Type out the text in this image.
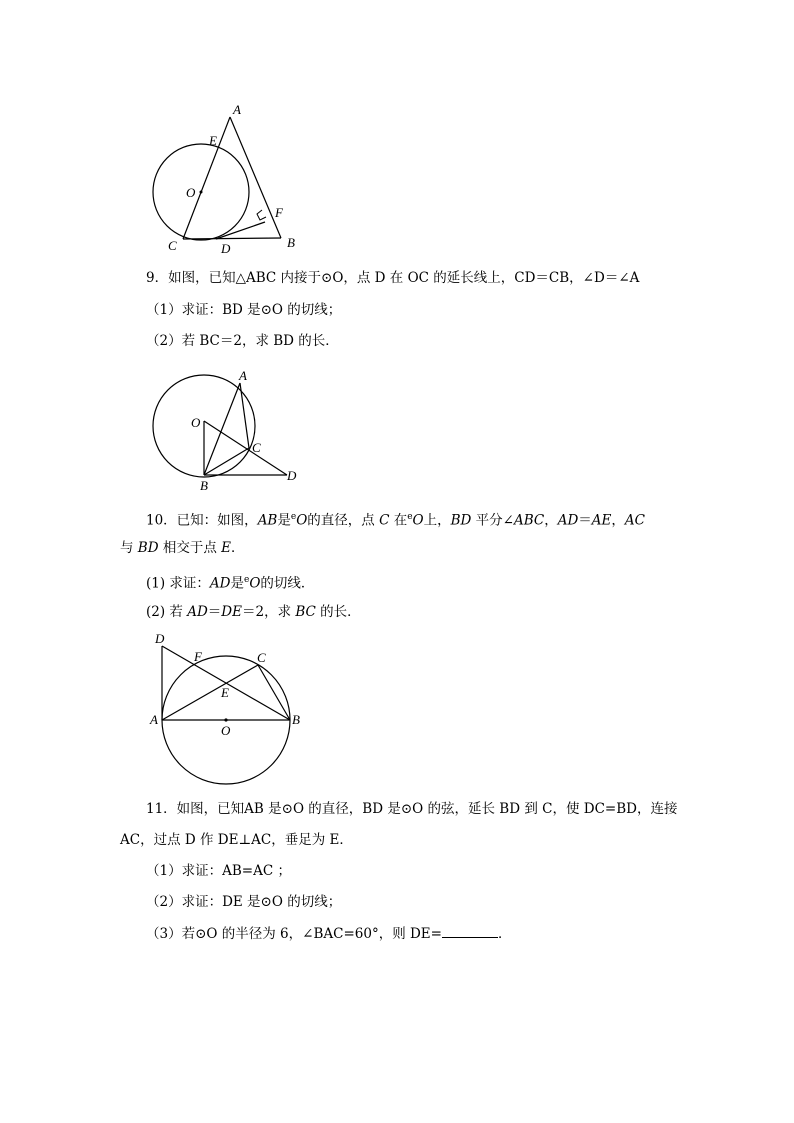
A
E
O
F
C	D	B
9．如图，已知△ABC 内接于⊙O，点 D 在 OC 的延长线上，CD＝CB，∠D＝∠A
（1）求证：BD 是⊙O 的切线；
（2）若 BC＝2，求 BD 的长．
A
O
C
D
B
10．已知：如图，AB是$^e$O的直径，点 C 在$^e$O上，BD 平分∠ABC，AD＝AE，AC
与 BD 相交于点 E．
(1) 求证：AD是$^e$O的切线．
(2) 若 AD＝DE＝2，求 BC 的长．
D
F	C
E
A
O
B
11．如图，已知AB 是⊙O 的直径，BD 是⊙O 的弦，延长 BD 到 C，使 DC=BD，连接
AC，过点 D 作 DE⊥AC，垂足为 E．
（1）求证：AB=AC ；
（2）求证：DE 是⊙O 的切线；
（3）若⊙O 的半径为 6，∠BAC=60°，则 DE=	．
